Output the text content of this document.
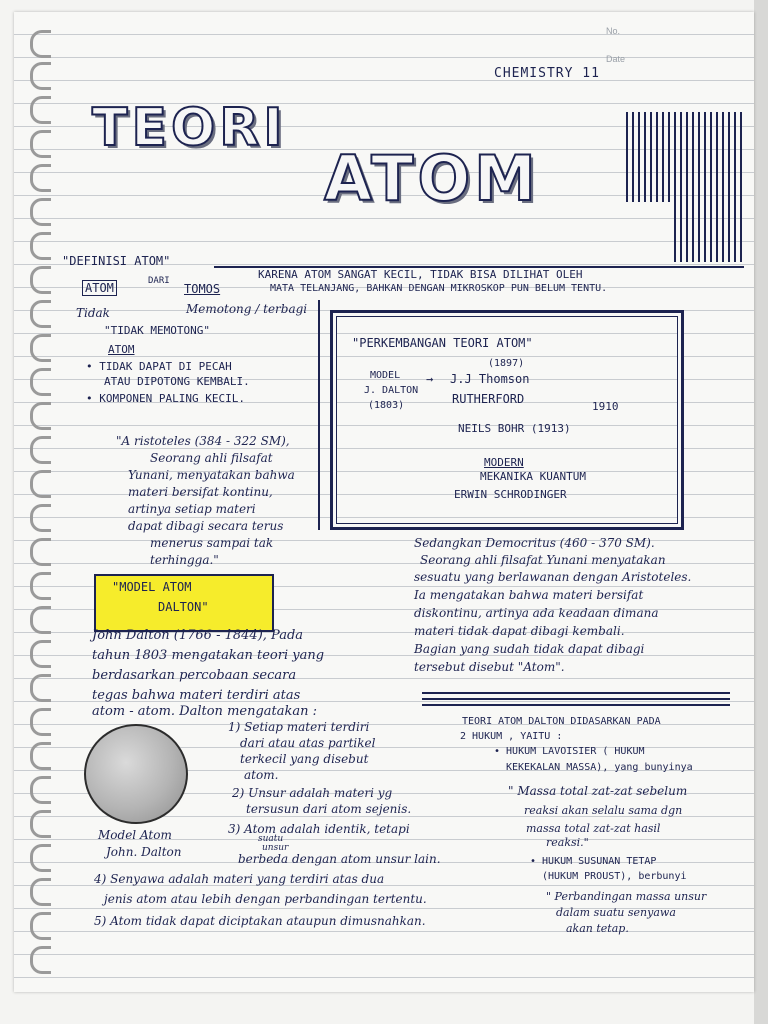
No.
Date
CHEMISTRY 11
TEORI
ATOM
"DEFINISI ATOM"
KARENA ATOM SANGAT KECIL, TIDAK BISA DILIHAT OLEH
MATA TELANJANG, BAHKAN DENGAN MIKROSKOP PUN BELUM TENTU.
ATOM	DARI
TOMOS
Tidak	Memotong / terbagi
"TIDAK MEMOTONG"
ATOM
• TIDAK DAPAT DI PECAH
ATAU DIPOTONG KEMBALI.
• KOMPONEN PALING KECIL.
"A ristoteles (384 - 322 SM),
Seorang ahli filsafat
Yunani, menyatakan bahwa
materi bersifat kontinu,
artinya setiap materi
dapat dibagi secara terus
menerus sampai tak
terhingga."
"PERKEMBANGAN TEORI ATOM"
MODEL
J. DALTON
(1803)
→
(1897)
J.J Thomson
RUTHERFORD
1910
NEILS BOHR (1913)
MODERN
MEKANIKA KUANTUM
ERWIN SCHRODINGER
Sedangkan Democritus (460 - 370 SM).
Seorang ahli filsafat Yunani menyatakan
sesuatu yang berlawanan dengan Aristoteles.
Ia mengatakan bahwa materi bersifat
diskontinu, artinya ada keadaan dimana
materi tidak dapat dibagi kembali.
Bagian yang sudah tidak dapat dibagi
tersebut disebut "Atom".
"MODEL ATOM
DALTON"
John Dalton (1766 - 1844), Pada
tahun 1803 mengatakan teori yang
berdasarkan percobaan secara
tegas bahwa materi terdiri atas
atom - atom. Dalton mengatakan :
Model Atom
John. Dalton
1) Setiap materi terdiri
dari atau atas partikel
terkecil yang disebut
atom.
2) Unsur adalah materi yg
tersusun dari atom sejenis.
3) Atom adalah identik, tetapi
suatu
unsur
berbeda dengan atom unsur lain.
4) Senyawa adalah materi yang terdiri atas dua
jenis atom atau lebih dengan perbandingan tertentu.
5) Atom tidak dapat diciptakan ataupun dimusnahkan.
TEORI ATOM DALTON DIDASARKAN PADA
2 HUKUM , YAITU :
• HUKUM LAVOISIER ( HUKUM
KEKEKALAN MASSA), yang bunyinya
" Massa total zat-zat sebelum
reaksi akan selalu sama dgn
massa total zat-zat hasil
reaksi."
• HUKUM SUSUNAN TETAP
(HUKUM PROUST), berbunyi
" Perbandingan massa unsur
dalam suatu senyawa
akan tetap.
